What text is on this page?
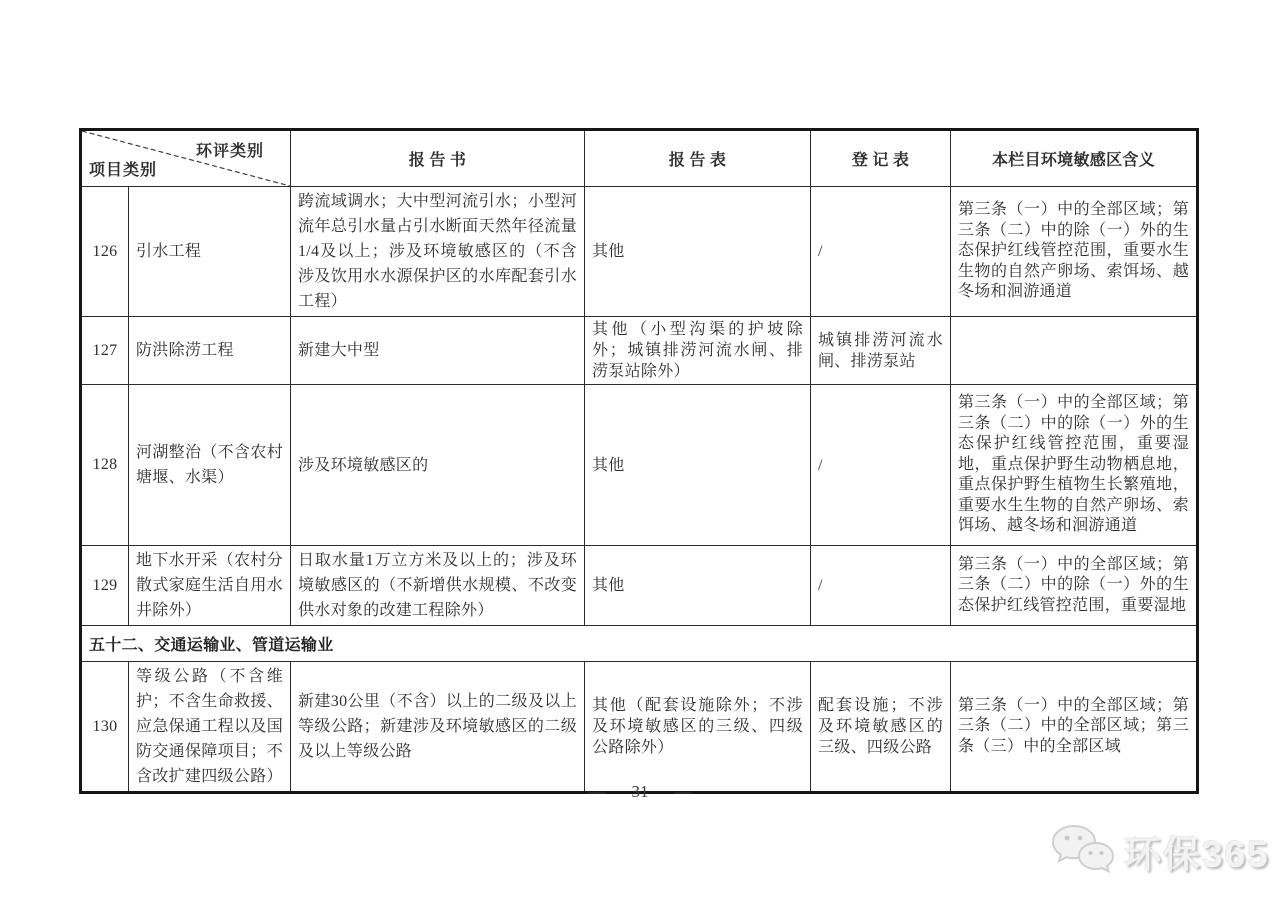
环评类别
项目类别		报 告 书	报 告 表	登 记 表	本栏目环境敏感区含义
126	引水工程	跨流域调水；大中型河流引水；小型河流年总引水量占引水断面天然年径流量1/4及以上；涉及环境敏感区的（不含涉及饮用水水源保护区的水库配套引水工程）	其他	/	第三条（一）中的全部区域；第三条（二）中的除（一）外的生态保护红线管控范围，重要水生生物的自然产卵场、索饵场、越冬场和洄游通道
127	防洪除涝工程	新建大中型	其他（小型沟渠的护坡除外；城镇排涝河流水闸、排涝泵站除外）	城镇排涝河流水闸、排涝泵站	
128	河湖整治（不含农村塘堰、水渠）	涉及环境敏感区的	其他	/	第三条（一）中的全部区域；第三条（二）中的除（一）外的生态保护红线管控范围，重要湿地，重点保护野生动物栖息地，重点保护野生植物生长繁殖地，重要水生生物的自然产卵场、索饵场、越冬场和洄游通道
129	地下水开采（农村分散式家庭生活自用水井除外）	日取水量1万立方米及以上的；涉及环境敏感区的（不新增供水规模、不改变供水对象的改建工程除外）	其他	/	第三条（一）中的全部区域；第三条（二）中的除（一）外的生态保护红线管控范围，重要湿地
五十二、交通运输业、管道运输业					
130	等级公路（不含维护；不含生命救援、应急保通工程以及国防交通保障项目；不含改扩建四级公路）	新建30公里（不含）以上的二级及以上等级公路；新建涉及环境敏感区的二级及以上等级公路	其他（配套设施除外；不涉及环境敏感区的三级、四级公路除外）	配套设施；不涉及环境敏感区的三级、四级公路	第三条（一）中的全部区域；第三条（二）中的全部区域；第三条（三）中的全部区域
— 31 —
环保365
